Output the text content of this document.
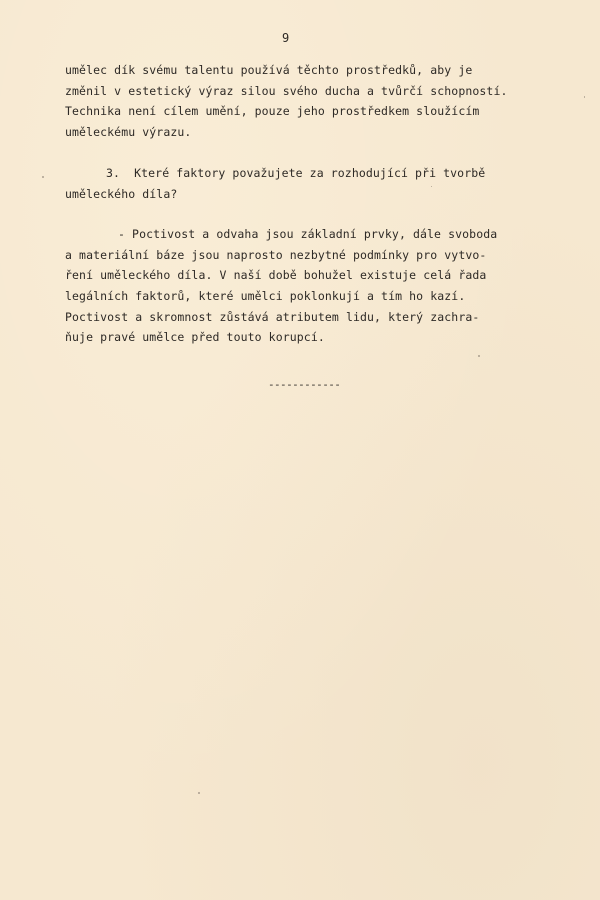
9
umělec dík svému talentu používá těchto prostředků, aby je
změnil v estetický výraz silou svého ducha a tvůrčí schopností.
Technika není cílem umění, pouze jeho prostředkem sloužícím
uměleckému výrazu.
3.  Které faktory považujete za rozhodující při tvorbě
uměleckého díla?
- Poctivost a odvaha jsou základní prvky, dále svoboda
a materiální báze jsou naprosto nezbytné podmínky pro vytvo-
ření uměleckého díla. V naší době bohužel existuje celá řada
legálních faktorů, které umělci poklonkují a tím ho kazí.
Poctivost a skromnost zůstává atributem lidu, který zachra-
ňuje pravé umělce před touto korupcí.
------------
